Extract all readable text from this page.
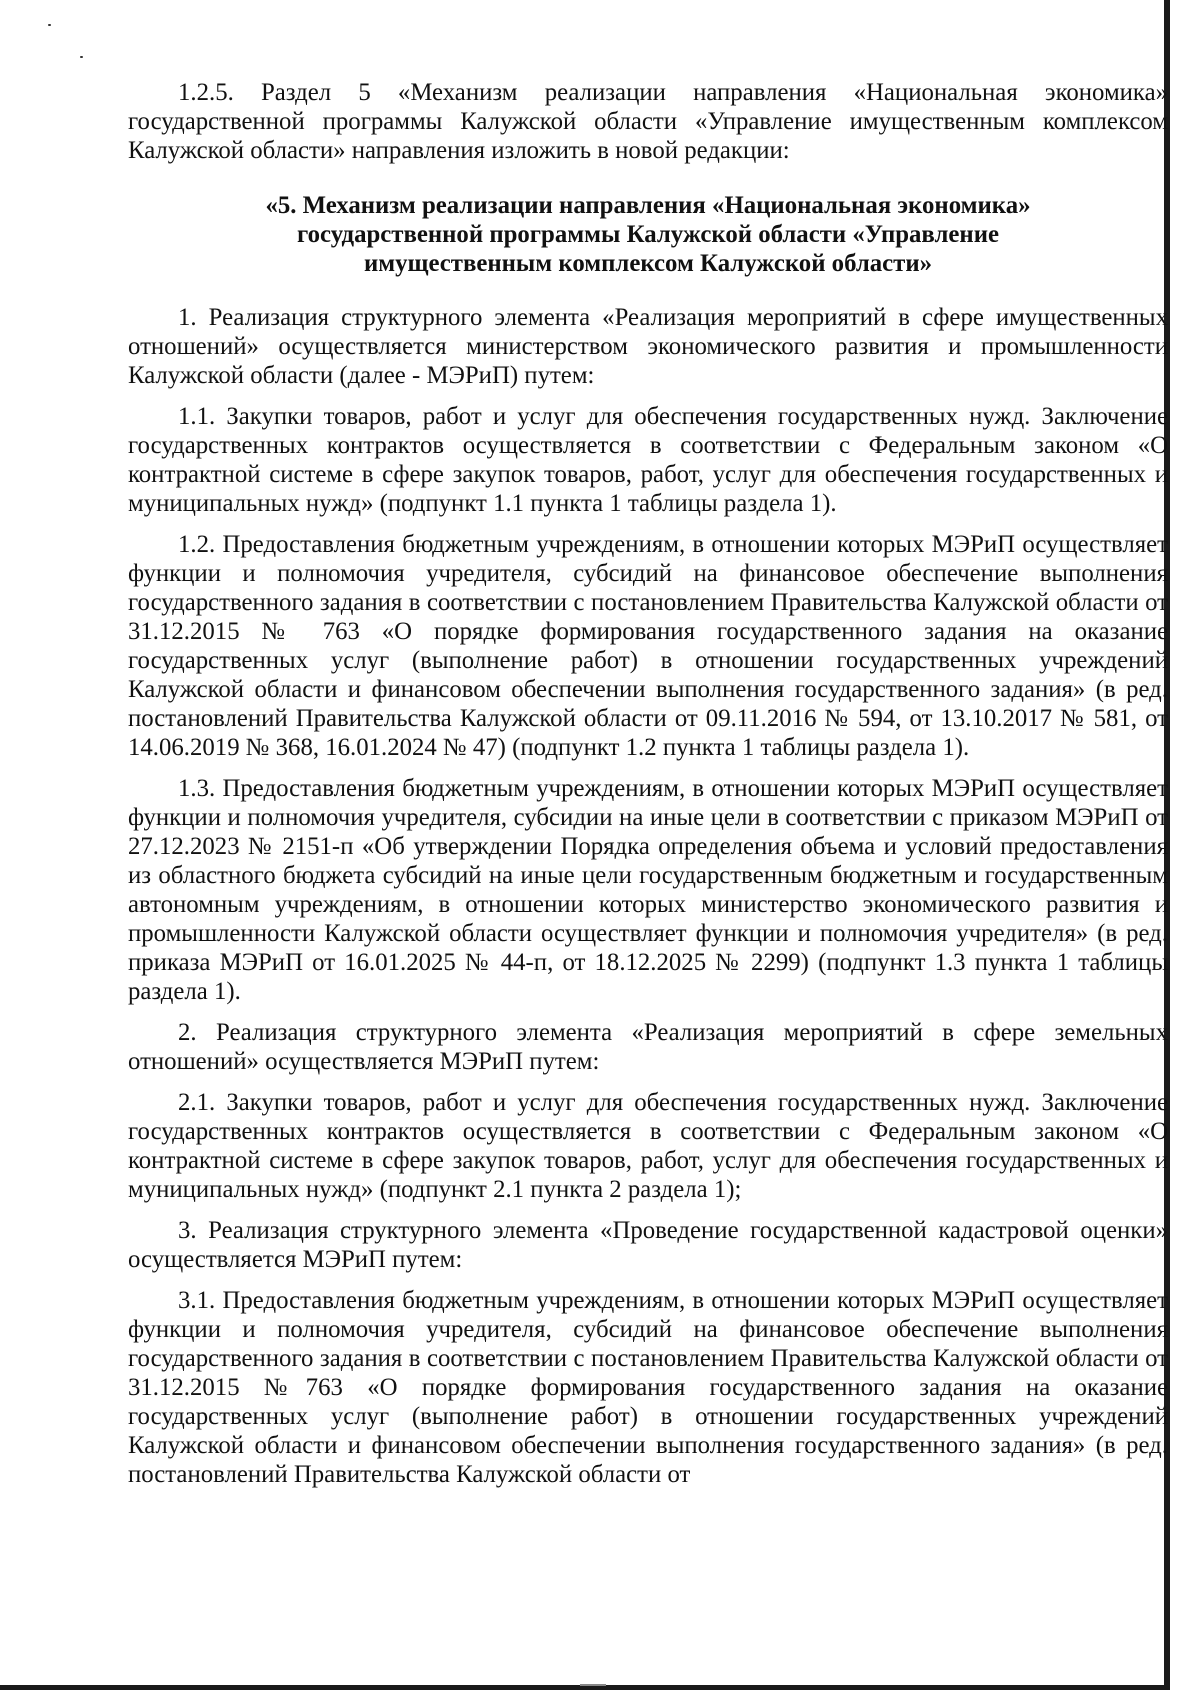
1.2.5. Раздел 5 «Механизм реализации направления «Национальная экономика» государственной программы Калужской области «Управление имущественным комплексом Калужской области» направления изложить в новой редакции:

«5. Механизм реализации направления «Национальная экономика»
государственной программы Калужской области «Управление
имущественным комплексом Калужской области»

1. Реализация структурного элемента «Реализация мероприятий в сфере имущественных отношений» осуществляется министерством экономического развития и промышленности Калужской области (далее - МЭРиП) путем:

1.1. Закупки товаров, работ и услуг для обеспечения государственных нужд. Заключение государственных контрактов осуществляется в соответствии с Федеральным законом «О контрактной системе в сфере закупок товаров, работ, услуг для обеспечения государственных и муниципальных нужд» (подпункт 1.1 пункта 1 таблицы раздела 1).

1.2. Предоставления бюджетным учреждениям, в отношении которых МЭРиП осуществляет функции и полномочия учредителя, субсидий на финансовое обеспечение выполнения государственного задания в соответствии с постановлением Правительства Калужской области от 31.12.2015 № 763 «О порядке формирования государственного задания на оказание государственных услуг (выполнение работ) в отношении государственных учреждений Калужской области и финансовом обеспечении выполнения государственного задания» (в ред. постановлений Правительства Калужской области от 09.11.2016 № 594, от 13.10.2017 № 581, от 14.06.2019 № 368, 16.01.2024 № 47) (подпункт 1.2 пункта 1 таблицы раздела 1).

1.3. Предоставления бюджетным учреждениям, в отношении которых МЭРиП осуществляет функции и полномочия учредителя, субсидии на иные цели в соответствии с приказом МЭРиП от 27.12.2023 № 2151-п «Об утверждении Порядка определения объема и условий предоставления из областного бюджета субсидий на иные цели государственным бюджетным и государственным автономным учреждениям, в отношении которых министерство экономического развития и промышленности Калужской области осуществляет функции и полномочия учредителя» (в ред. приказа МЭРиП от 16.01.2025 № 44-п, от 18.12.2025 № 2299) (подпункт 1.3 пункта 1 таблицы раздела 1).

2. Реализация структурного элемента «Реализация мероприятий в сфере земельных отношений» осуществляется МЭРиП путем:

2.1. Закупки товаров, работ и услуг для обеспечения государственных нужд. Заключение государственных контрактов осуществляется в соответствии с Федеральным законом «О контрактной системе в сфере закупок товаров, работ, услуг для обеспечения государственных и муниципальных нужд» (подпункт 2.1 пункта 2 раздела 1);

3. Реализация структурного элемента «Проведение государственной кадастровой оценки» осуществляется МЭРиП путем:

3.1. Предоставления бюджетным учреждениям, в отношении которых МЭРиП осуществляет функции и полномочия учредителя, субсидий на финансовое обеспечение выполнения государственного задания в соответствии с постановлением Правительства Калужской области от 31.12.2015 №763 «О порядке формирования государственного задания на оказание государственных услуг (выполнение работ) в отношении государственных учреждений Калужской области и финансовом обеспечении выполнения государственного задания» (в ред. постановлений Правительства Калужской области от
